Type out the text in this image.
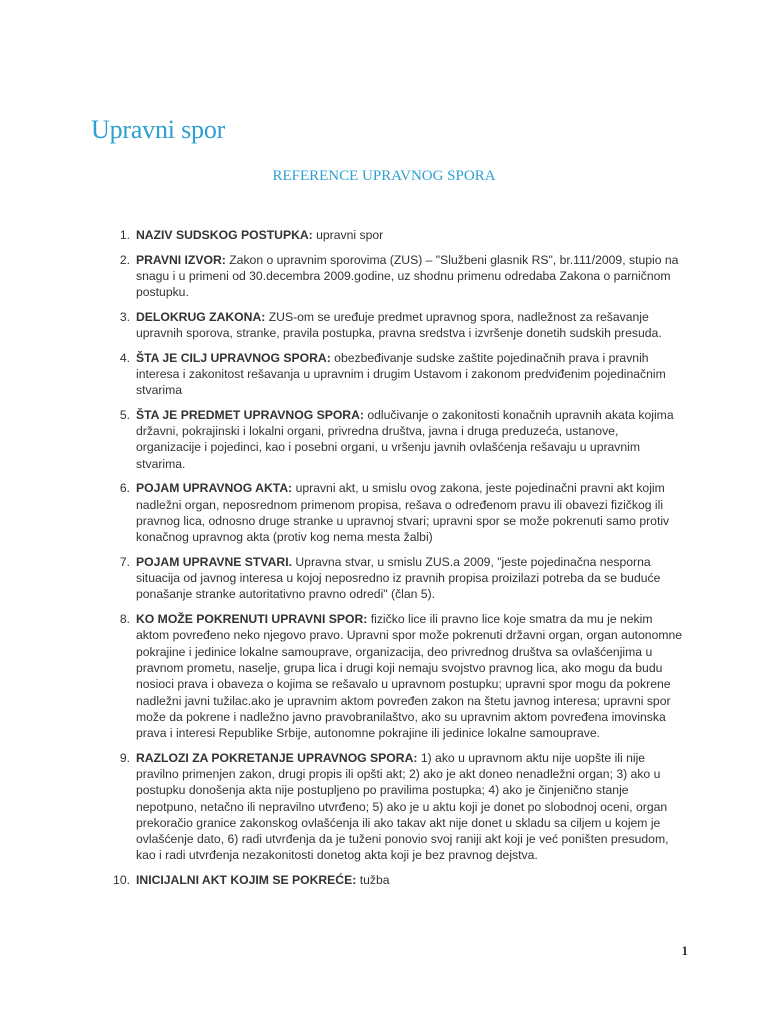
Upravni spor
REFERENCE UPRAVNOG SPORA
1. NAZIV SUDSKOG POSTUPKA: upravni spor
2. PRAVNI IZVOR: Zakon o upravnim sporovima (ZUS) – "Službeni glasnik RS", br.111/2009, stupio na snagu i u primeni od 30.decembra 2009.godine, uz shodnu primenu odredaba Zakona o parničnom postupku.
3. DELOKRUG ZAKONA: ZUS-om se uređuje predmet upravnog spora, nadležnost za rešavanje upravnih sporova, stranke, pravila postupka, pravna sredstva i izvršenje donetih sudskih presuda.
4. ŠTA JE CILJ UPRAVNOG SPORA: obezbeđivanje sudske zaštite pojedinačnih prava i pravnih interesa i zakonitost rešavanja u upravnim i drugim Ustavom i zakonom predviđenim pojedinačnim stvarima
5. ŠTA JE PREDMET UPRAVNOG SPORA: odlučivanje o zakonitosti konačnih upravnih akata kojima državni, pokrajinski i lokalni organi, privredna društva, javna i druga preduzeća, ustanove, organizacije i pojedinci, kao i posebni organi, u vršenju javnih ovlašćenja rešavaju u upravnim stvarima.
6. POJAM UPRAVNOG AKTA: upravni akt, u smislu ovog zakona, jeste pojedinačni pravni akt kojim nadležni organ, neposrednom primenom propisa, rešava o određenom pravu ili obavezi fizičkog ili pravnog lica, odnosno druge stranke u upravnoj stvari; upravni spor se može pokrenuti samo protiv konačnog upravnog akta (protiv kog nema mesta žalbi)
7. POJAM UPRAVNE STVARI. Upravna stvar, u smislu ZUS.a 2009, "jeste pojedinačna nesporna situacija od javnog interesa u kojoj neposredno iz pravnih propisa proizilazi potreba da se buduće ponašanje stranke autoritativno pravno odredi" (član 5).
8. KO MOŽE POKRENUTI UPRAVNI SPOR: fizičko lice ili pravno lice koje smatra da mu je nekim aktom povređeno neko njegovo pravo. Upravni spor može pokrenuti državni organ, organ autonomne pokrajine i jedinice lokalne samouprave, organizacija, deo privrednog društva sa ovlašćenjima u pravnom prometu, naselje, grupa lica i drugi koji nemaju svojstvo pravnog lica, ako mogu da budu nosioci prava i obaveza o kojima se rešavalo u upravnom postupku; upravni spor mogu da pokrene nadležni javni tužilac.ako je upravnim aktom povređen zakon na štetu javnog interesa; upravni spor može da pokrene i nadležno javno pravobranilaštvo, ako su upravnim aktom povređena imovinska prava i interesi Republike Srbije, autonomne pokrajine ili jedinice lokalne samouprave.
9. RAZLOZI ZA POKRETANJE UPRAVNOG SPORA: 1) ako u upravnom aktu nije uopšte ili nije pravilno primenjen zakon, drugi propis ili opšti akt; 2) ako je akt doneo nenadležni organ; 3) ako u postupku donošenja akta nije postupljeno po pravilima postupka; 4) ako je činjenično stanje nepotpuno, netačno ili nepravilno utvrđeno; 5) ako je u aktu koji je donet po slobodnoj oceni, organ prekoračio granice zakonskog ovlašćenja ili ako takav akt nije donet u skladu sa ciljem u kojem je ovlašćenje dato, 6) radi utvrđenja da je tuženi ponovio svoj raniji akt koji je već poništen presudom, kao i radi utvrđenja nezakonitosti donetog akta koji je bez pravnog dejstva.
10. INICIJALNI AKT KOJIM SE POKREĆE: tužba
1
